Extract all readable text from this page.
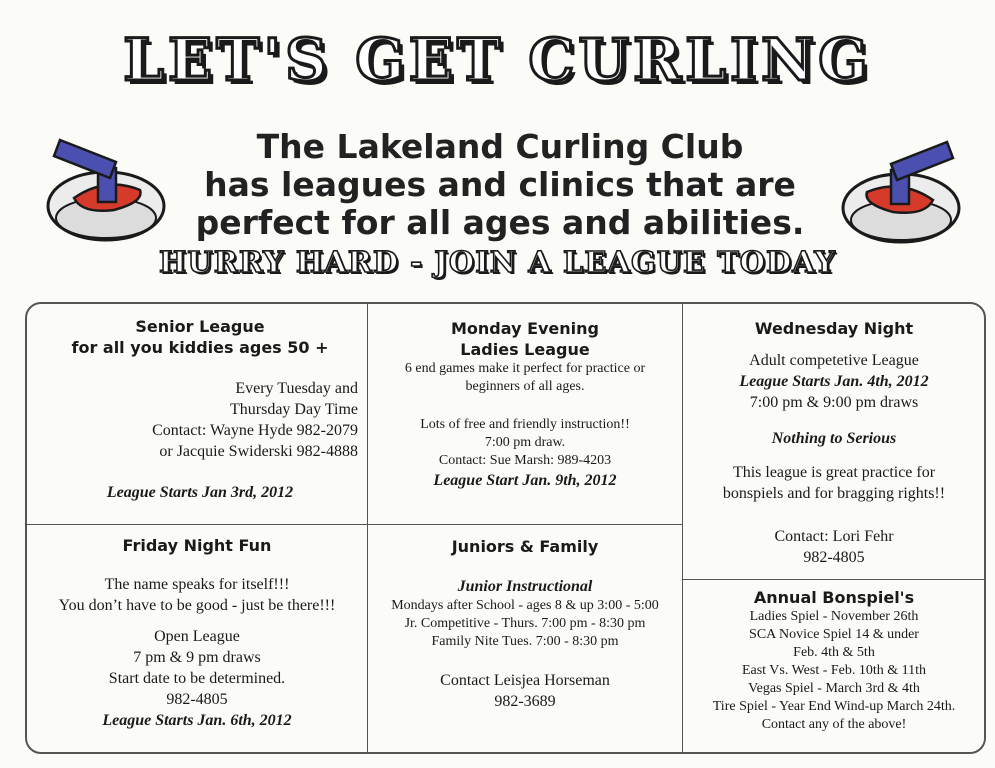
LET'S GET CURLING
The Lakeland Curling Club
has leagues and clinics that are
perfect for all ages and abilities.
HURRY HARD - JOIN A LEAGUE TODAY
Senior League
for all you kiddies ages 50 +
Every Tuesday and
Thursday Day Time
Contact: Wayne Hyde 982-2079
or Jacquie Swiderski 982-4888
League Starts Jan 3rd, 2012
Monday Evening
Ladies League
6 end games make it perfect for practice or
beginners of all ages.
Lots of free and friendly instruction!!
7:00 pm draw.
Contact: Sue Marsh: 989-4203
League Start Jan. 9th, 2012
Wednesday Night
Adult competetive League
League Starts Jan. 4th, 2012
7:00 pm & 9:00 pm draws
Nothing to Serious
This league is great practice for
bonspiels and for bragging rights!!
Contact: Lori Fehr
982-4805
Friday Night Fun
The name speaks for itself!!!
You don’t have to be good - just be there!!!
Open League
7 pm & 9 pm draws
Start date to be determined.
982-4805
League Starts Jan. 6th, 2012
Juniors & Family
Junior Instructional
Mondays after School - ages 8 & up 3:00 - 5:00
Jr. Competitive - Thurs. 7:00 pm - 8:30 pm
Family Nite Tues. 7:00 - 8:30 pm
Contact Leisjea Horseman
982-3689
Annual Bonspiel's
Ladies Spiel - November 26th
SCA Novice Spiel 14 & under
Feb. 4th & 5th
East Vs. West - Feb. 10th & 11th
Vegas Spiel - March 3rd & 4th
Tire Spiel - Year End Wind-up March 24th.
Contact any of the above!
